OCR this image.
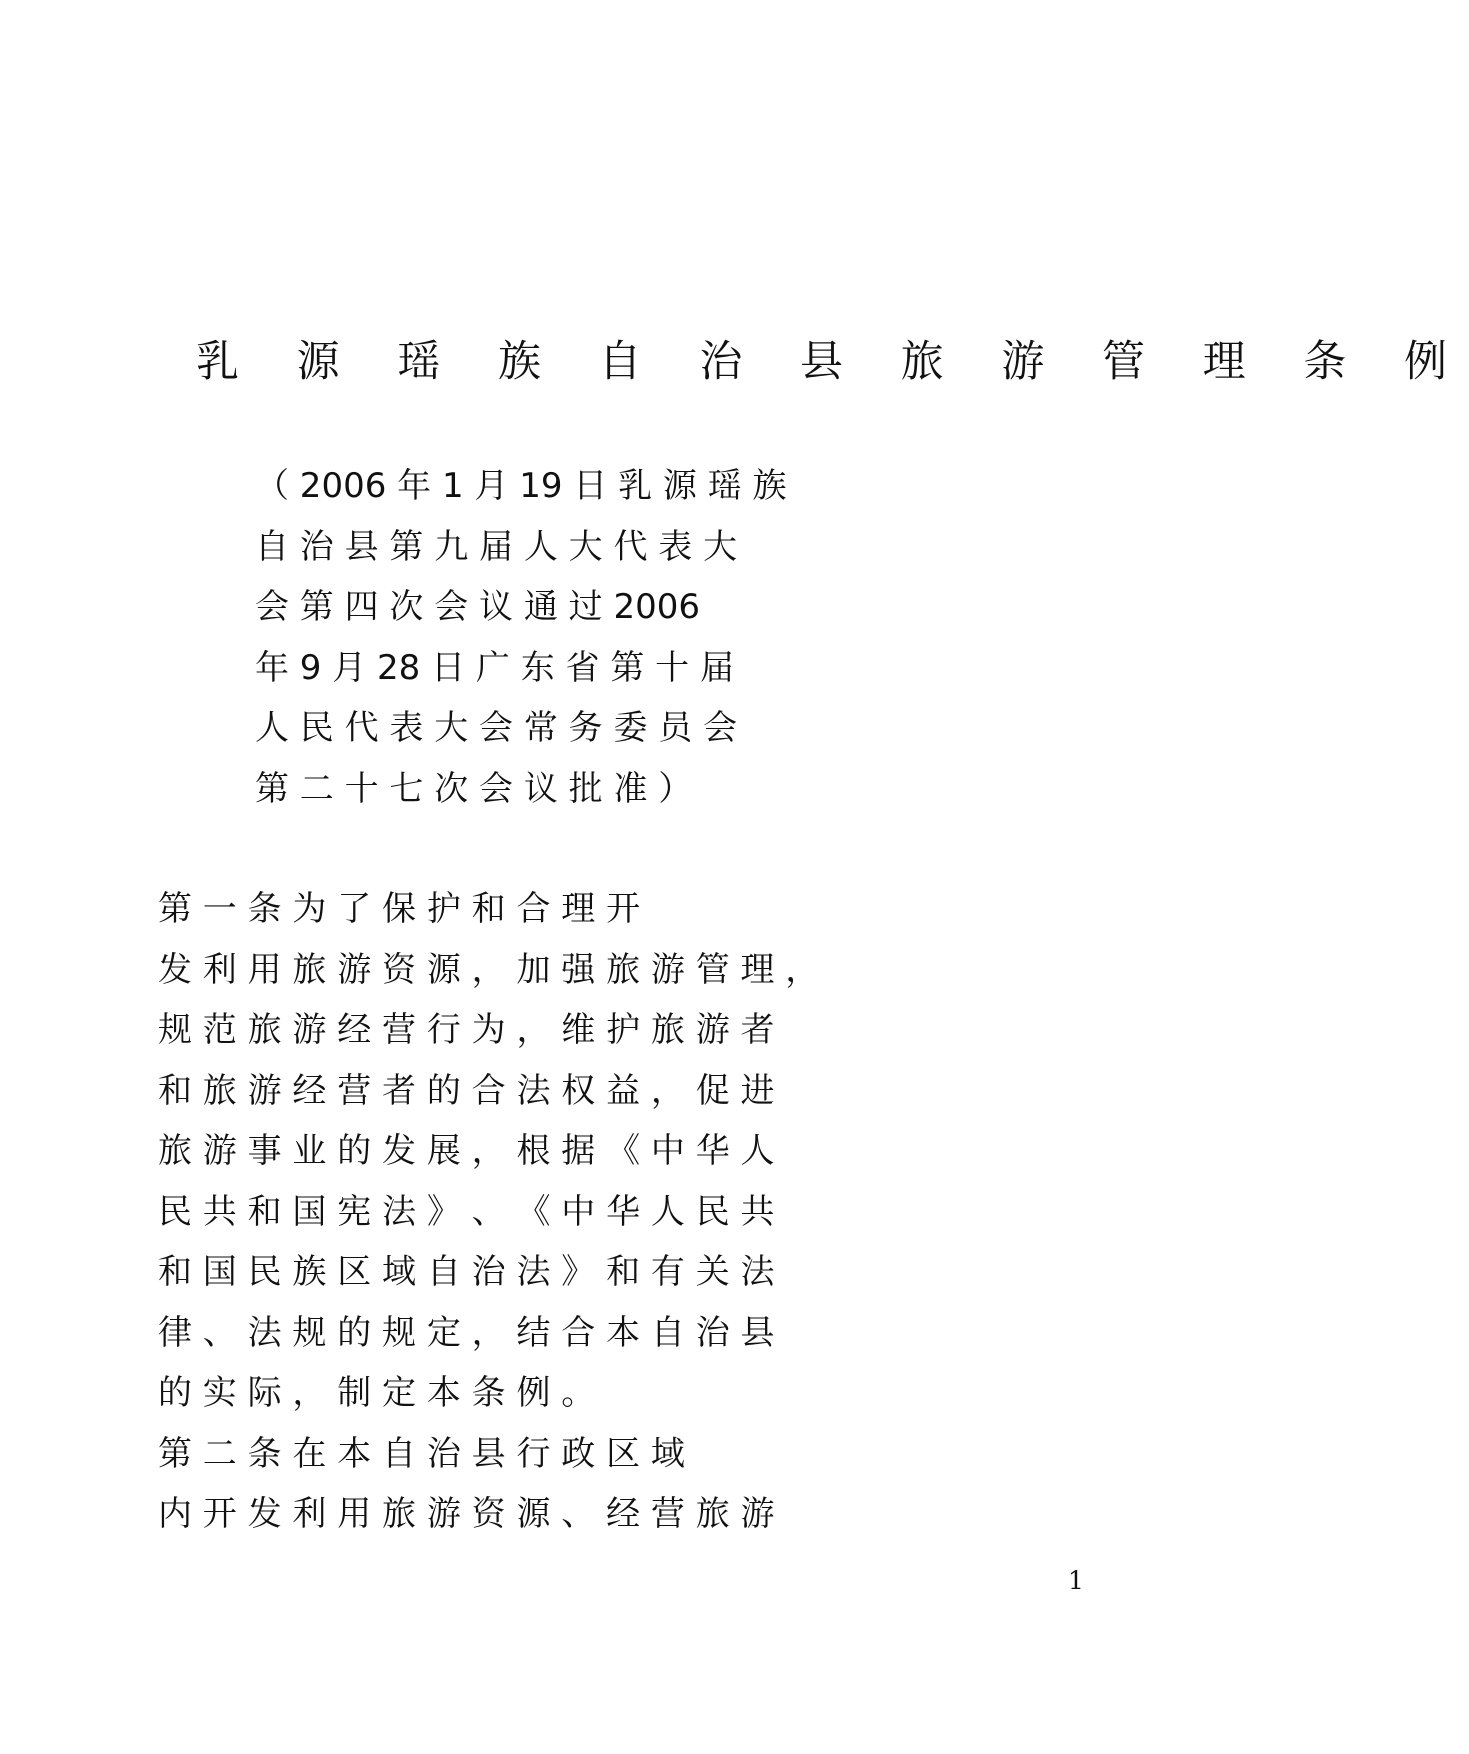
乳 源 瑶 族 自 治 县 旅 游 管 理 条 例
（ 2006 年 1 月 19 日 乳 源 瑶 族
自 治 县 第 九 届 人 大 代 表 大
会 第 四 次 会 议 通 过 2006
年 9 月 28 日 广 东 省 第 十 届
人 民 代 表 大 会 常 务 委 员 会
第 二 十 七 次 会 议 批 准 ）
第 一 条 为 了 保 护 和 合 理 开
发 利 用 旅 游 资 源 ， 加 强 旅 游 管 理 ，
规 范 旅 游 经 营 行 为 ， 维 护 旅 游 者
和 旅 游 经 营 者 的 合 法 权 益 ， 促 进
旅 游 事 业 的 发 展 ， 根 据 《 中 华 人
民 共 和 国 宪 法 》 、 《 中 华 人 民 共
和 国 民 族 区 域 自 治 法 》 和 有 关 法
律 、 法 规 的 规 定 ， 结 合 本 自 治 县
的 实 际 ， 制 定 本 条 例 。
第 二 条 在 本 自 治 县 行 政 区 域
内 开 发 利 用 旅 游 资 源 、 经 营 旅 游
1
